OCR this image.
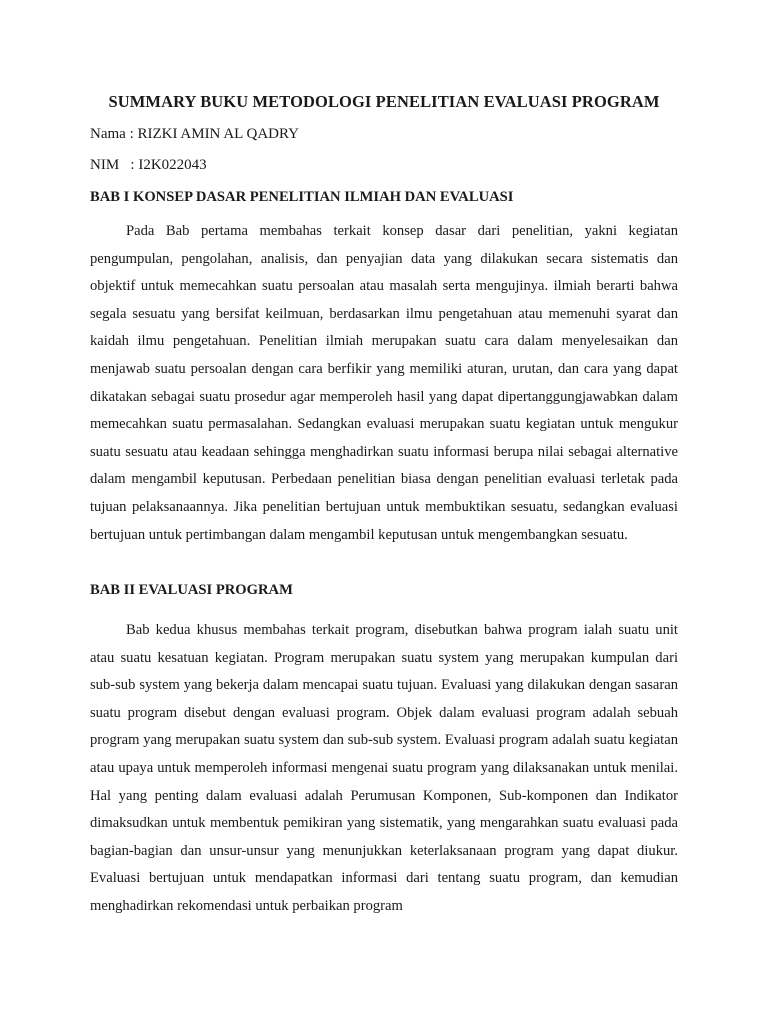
SUMMARY BUKU METODOLOGI PENELITIAN EVALUASI PROGRAM
Nama : RIZKI AMIN AL QADRY
NIM   : I2K022043
BAB I KONSEP DASAR PENELITIAN ILMIAH DAN EVALUASI

Pada Bab pertama membahas terkait konsep dasar dari penelitian, yakni kegiatan pengumpulan, pengolahan, analisis, dan penyajian data yang dilakukan secara sistematis dan objektif untuk memecahkan suatu persoalan atau masalah serta mengujinya. ilmiah berarti bahwa segala sesuatu yang bersifat keilmuan, berdasarkan ilmu pengetahuan atau memenuhi syarat dan kaidah ilmu pengetahuan. Penelitian ilmiah merupakan suatu cara dalam menyelesaikan dan menjawab suatu persoalan dengan cara berfikir yang memiliki aturan, urutan, dan cara yang dapat dikatakan sebagai suatu prosedur agar memperoleh hasil yang dapat dipertanggungjawabkan dalam memecahkan suatu permasalahan. Sedangkan evaluasi merupakan suatu kegiatan untuk mengukur suatu sesuatu atau keadaan sehingga menghadirkan suatu informasi berupa nilai sebagai alternative dalam mengambil keputusan. Perbedaan penelitian biasa dengan penelitian evaluasi terletak pada tujuan pelaksanaannya. Jika penelitian bertujuan untuk membuktikan sesuatu, sedangkan evaluasi bertujuan untuk pertimbangan dalam mengambil keputusan untuk mengembangkan sesuatu.

BAB II EVALUASI PROGRAM

Bab kedua khusus membahas terkait program, disebutkan bahwa program ialah suatu unit atau suatu kesatuan kegiatan. Program merupakan suatu system yang merupakan kumpulan dari sub-sub system yang bekerja dalam mencapai suatu tujuan. Evaluasi yang dilakukan dengan sasaran suatu program disebut dengan evaluasi program. Objek dalam evaluasi program adalah sebuah program yang merupakan suatu system dan sub-sub system. Evaluasi program adalah suatu kegiatan atau upaya untuk memperoleh informasi mengenai suatu program yang dilaksanakan untuk menilai. Hal yang penting dalam evaluasi adalah Perumusan Komponen, Sub-komponen dan Indikator dimaksudkan untuk membentuk pemikiran yang sistematik, yang mengarahkan suatu evaluasi pada bagian-bagian dan unsur-unsur yang menunjukkan keterlaksanaan program yang dapat diukur. Evaluasi bertujuan untuk mendapatkan informasi dari tentang suatu program, dan kemudian menghadirkan rekomendasi untuk perbaikan program
